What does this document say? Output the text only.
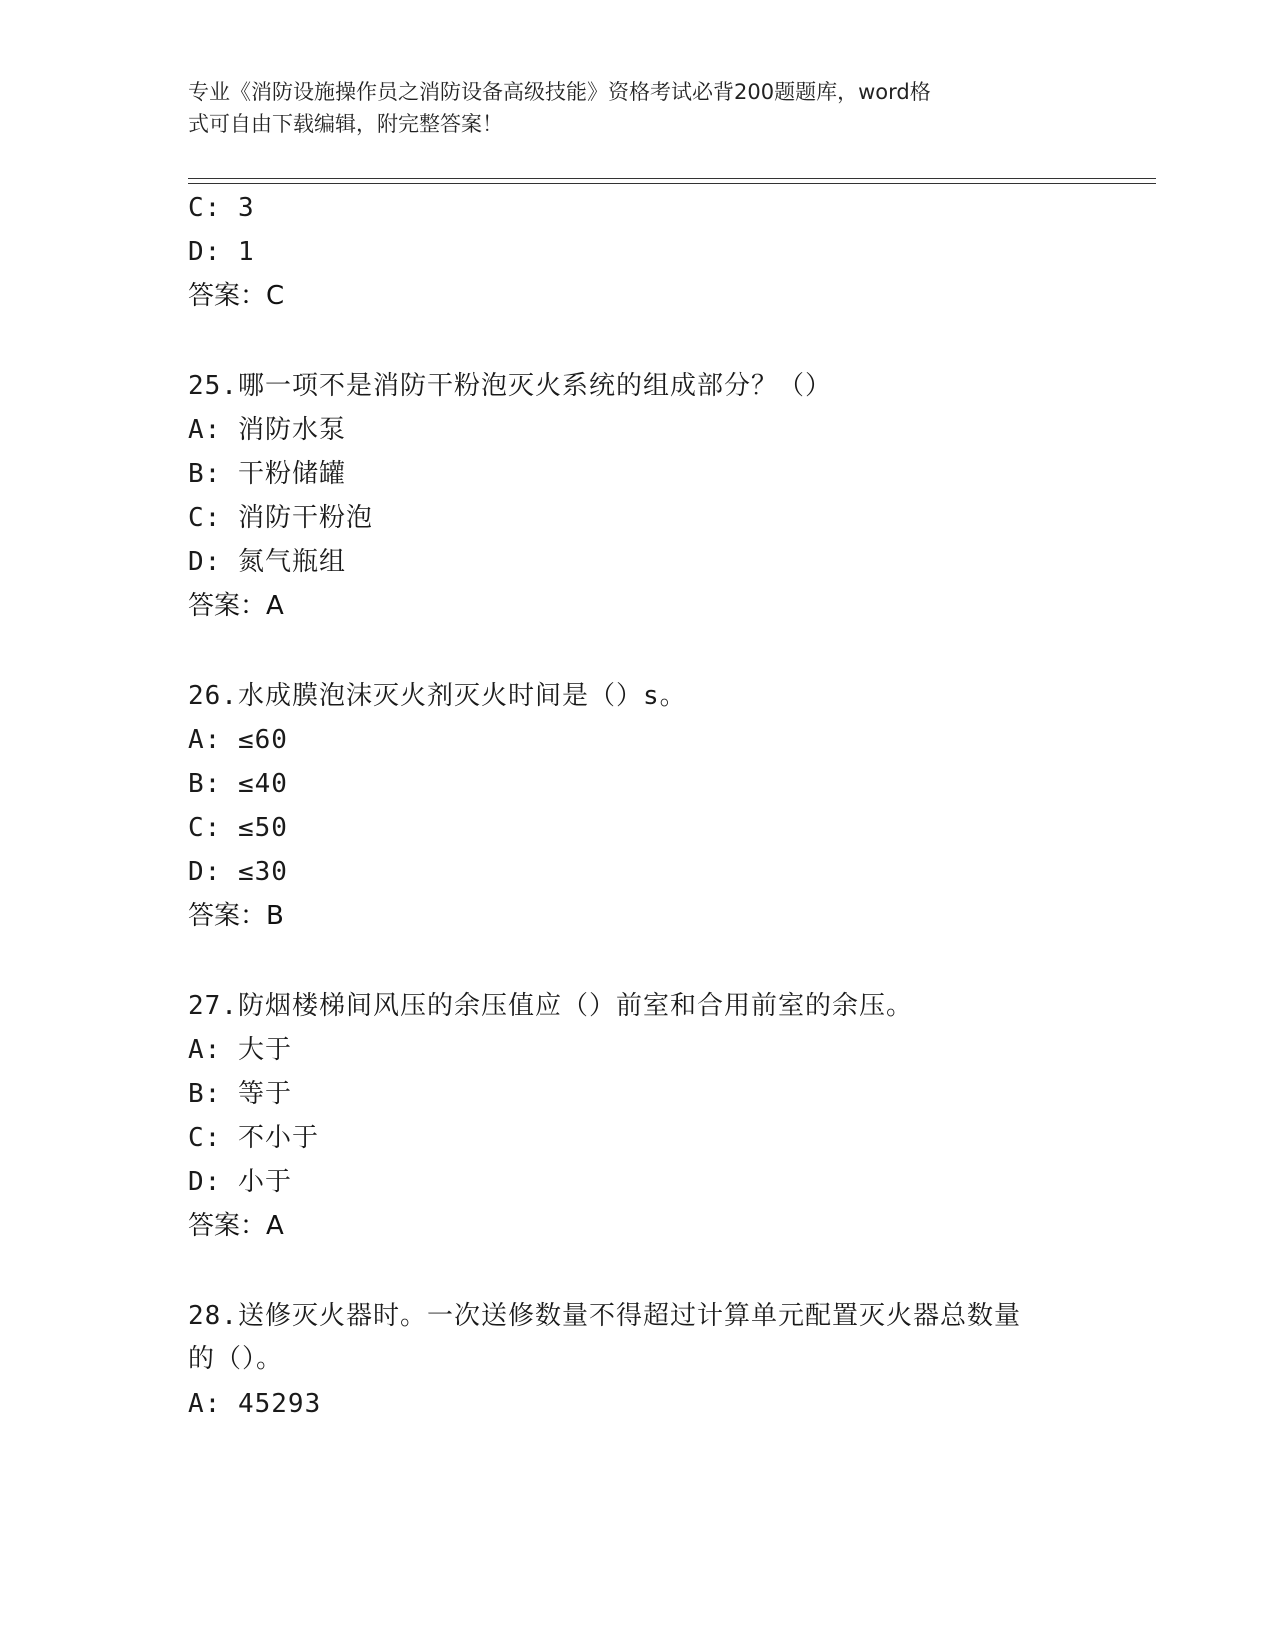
专业《消防设施操作员之消防设备高级技能》资格考试必背200题题库，word格
式可自由下载编辑，附完整答案！
C: 3
D: 1
答案：C
25.哪一项不是消防干粉泡灭火系统的组成部分？（）
A: 消防水泵
B: 干粉储罐
C: 消防干粉泡
D: 氮气瓶组
答案：A
26.水成膜泡沫灭火剂灭火时间是（）s。
A: ≤60
B: ≤40
C: ≤50
D: ≤30
答案：B
27.防烟楼梯间风压的余压值应（）前室和合用前室的余压。
A: 大于
B: 等于
C: 不小于
D: 小于
答案：A
28.送修灭火器时。一次送修数量不得超过计算单元配置灭火器总数量
的（）。
A: 45293
